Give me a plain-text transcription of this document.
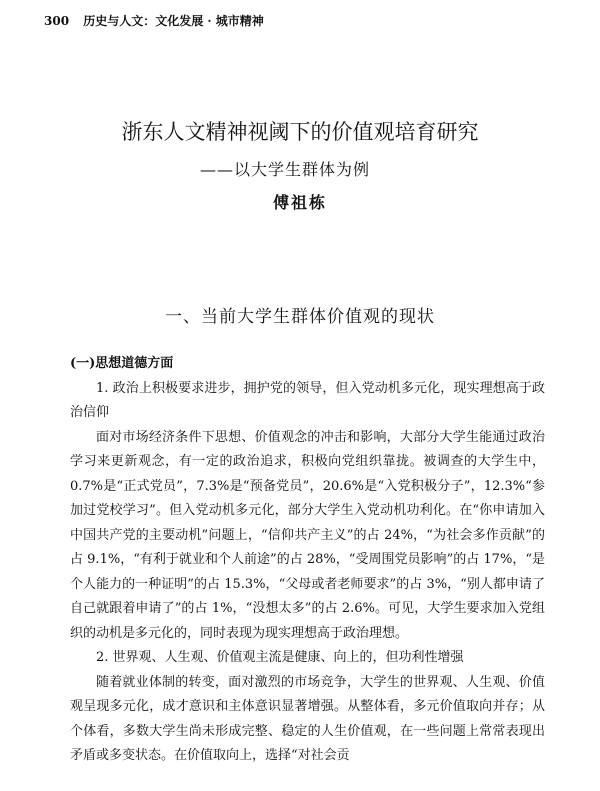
300 历史与人文：文化发展 · 城市精神
浙东人文精神视阈下的价值观培育研究
——以大学生群体为例
傅祖栋
一、当前大学生群体价值观的现状

(一)思想道德方面

1. 政治上积极要求进步，拥护党的领导，但入党动机多元化，现实理想高于政治信仰

面对市场经济条件下思想、价值观念的冲击和影响，大部分大学生能通过政治学习来更新观念，有一定的政治追求，积极向党组织靠拢。被调查的大学生中，0.7%是“正式党员”，7.3%是“预备党员”，20.6%是“入党积极分子”，12.3%“参加过党校学习”。但入党动机多元化，部分大学生入党动机功利化。在“你申请加入中国共产党的主要动机”问题上，“信仰共产主义”的占 24%，“为社会多作贡献”的占 9.1%，“有利于就业和个人前途”的占 28%，“受周围党员影响”的占 17%，“是个人能力的一种证明”的占 15.3%，“父母或者老师要求”的占 3%，“别人都申请了自己就跟着申请了”的占 1%，“没想太多”的占 2.6%。可见，大学生要求加入党组织的动机是多元化的，同时表现为现实理想高于政治理想。

2. 世界观、人生观、价值观主流是健康、向上的，但功利性增强

随着就业体制的转变，面对激烈的市场竞争，大学生的世界观、人生观、价值观呈现多元化，成才意识和主体意识显著增强。从整体看，多元价值取向并存；从个体看，多数大学生尚未形成完整、稳定的人生价值观，在一些问题上常常表现出矛盾或多变状态。在价值取向上，选择“对社会贡
